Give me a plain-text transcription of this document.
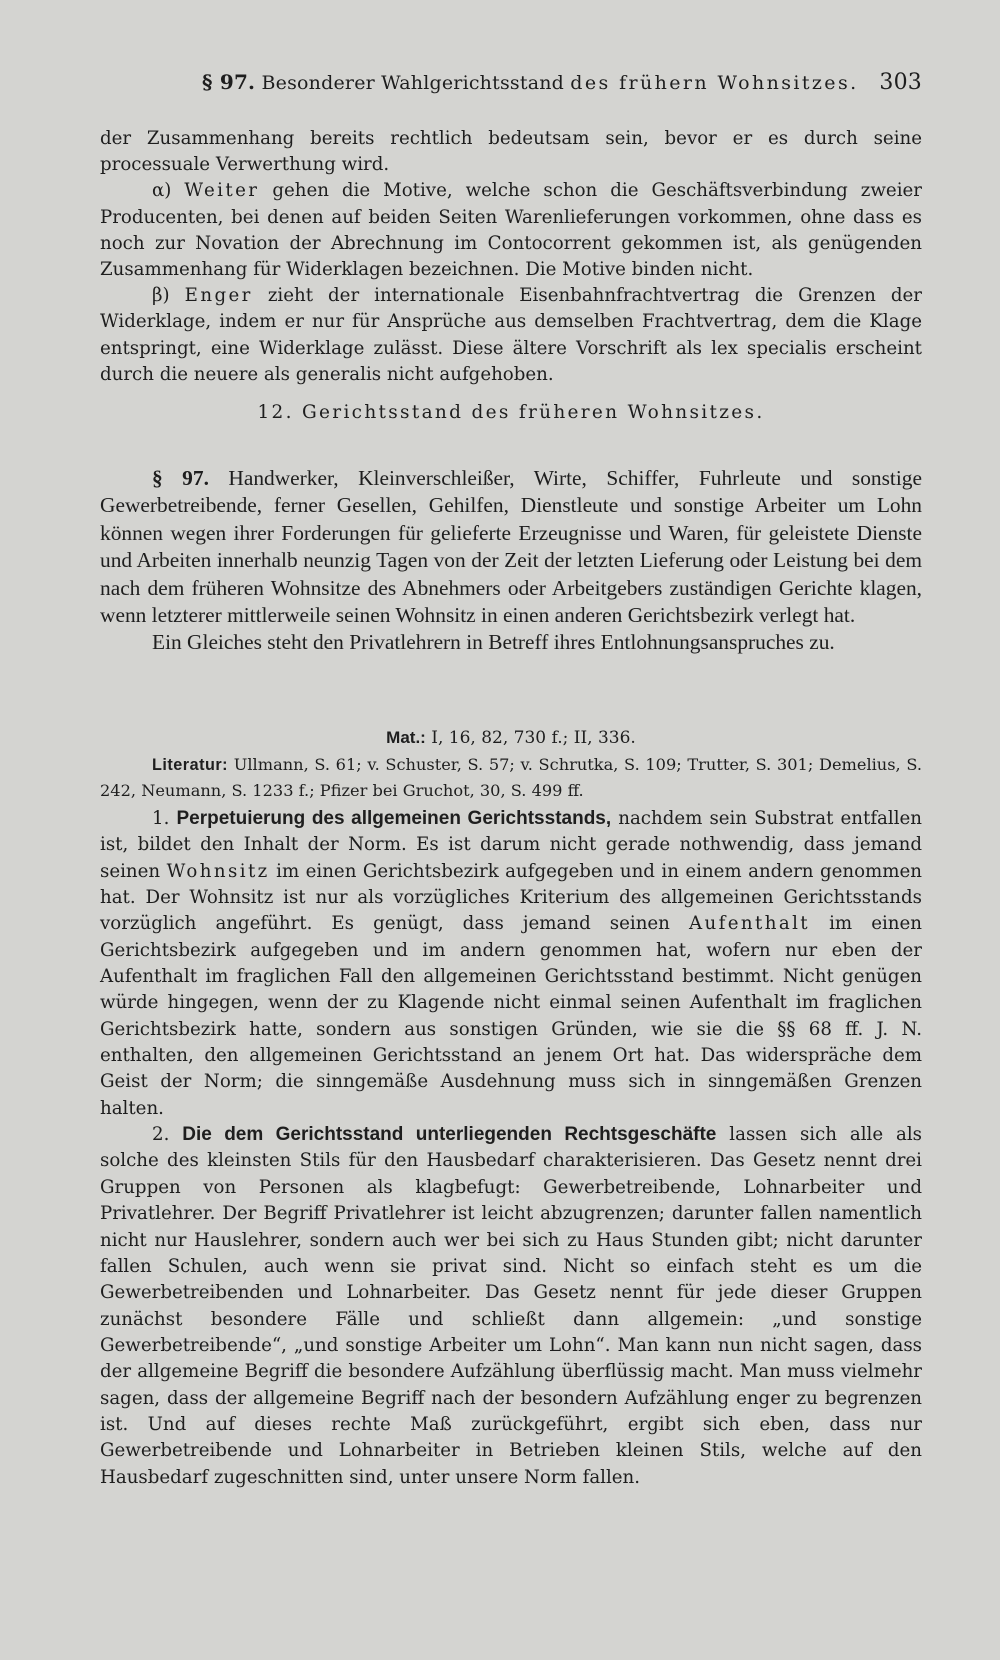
§ 97. Besonderer Wahlgerichtsstand des frühern Wohnsitzes. 303

der Zusammenhang bereits rechtlich bedeutsam sein, bevor er es durch seine processuale Verwerthung wird.

α) Weiter gehen die Motive, welche schon die Geschäftsverbindung zweier Producenten, bei denen auf beiden Seiten Warenlieferungen vorkommen, ohne dass es noch zur Novation der Abrechnung im Contocorrent gekommen ist, als genügenden Zusammenhang für Widerklagen bezeichnen. Die Motive binden nicht.

β) Enger zieht der internationale Eisenbahnfrachtvertrag die Grenzen der Widerklage, indem er nur für Ansprüche aus demselben Frachtvertrag, dem die Klage entspringt, eine Widerklage zulässt. Diese ältere Vorschrift als lex specialis erscheint durch die neuere als generalis nicht aufgehoben.

12. Gerichtsstand des früheren Wohnsitzes.

§ 97. Handwerker, Kleinverschleißer, Wirte, Schiffer, Fuhrleute und sonstige Gewerbetreibende, ferner Gesellen, Gehilfen, Dienstleute und sonstige Arbeiter um Lohn können wegen ihrer Forderungen für gelieferte Erzeugnisse und Waren, für geleistete Dienste und Arbeiten innerhalb neunzig Tagen von der Zeit der letzten Lieferung oder Leistung bei dem nach dem früheren Wohnsitze des Abnehmers oder Arbeitgebers zuständigen Gerichte klagen, wenn letzterer mittlerweile seinen Wohnsitz in einen anderen Gerichtsbezirk verlegt hat.

Ein Gleiches steht den Privatlehrern in Betreff ihres Entlohnungsanspruches zu.

Mat.: I, 16, 82, 730 f.; II, 336.

Literatur: Ullmann, S. 61; v. Schuster, S. 57; v. Schrutka, S. 109; Trutter, S. 301; Demelius, S. 242, Neumann, S. 1233 f.; Pfizer bei Gruchot, 30, S. 499 ff.

1. Perpetuierung des allgemeinen Gerichtsstands, nachdem sein Substrat entfallen ist, bildet den Inhalt der Norm. Es ist darum nicht gerade nothwendig, dass jemand seinen Wohnsitz im einen Gerichtsbezirk aufgegeben und in einem andern genommen hat. Der Wohnsitz ist nur als vorzügliches Kriterium des allgemeinen Gerichtsstands vorzüglich angeführt. Es genügt, dass jemand seinen Aufenthalt im einen Gerichtsbezirk aufgegeben und im andern genommen hat, wofern nur eben der Aufenthalt im fraglichen Fall den allgemeinen Gerichtsstand bestimmt. Nicht genügen würde hingegen, wenn der zu Klagende nicht einmal seinen Aufenthalt im fraglichen Gerichtsbezirk hatte, sondern aus sonstigen Gründen, wie sie die §§ 68 ff. J. N. enthalten, den allgemeinen Gerichtsstand an jenem Ort hat. Das widerspräche dem Geist der Norm; die sinngemäße Ausdehnung muss sich in sinngemäßen Grenzen halten.

2. Die dem Gerichtsstand unterliegenden Rechtsgeschäfte lassen sich alle als solche des kleinsten Stils für den Hausbedarf charakterisieren. Das Gesetz nennt drei Gruppen von Personen als klagbefugt: Gewerbetreibende, Lohnarbeiter und Privatlehrer. Der Begriff Privatlehrer ist leicht abzugrenzen; darunter fallen namentlich nicht nur Hauslehrer, sondern auch wer bei sich zu Haus Stunden gibt; nicht darunter fallen Schulen, auch wenn sie privat sind. Nicht so einfach steht es um die Gewerbetreibenden und Lohnarbeiter. Das Gesetz nennt für jede dieser Gruppen zunächst besondere Fälle und schließt dann allgemein: „und sonstige Gewerbetreibende“, „und sonstige Arbeiter um Lohn“. Man kann nun nicht sagen, dass der allgemeine Begriff die besondere Aufzählung überflüssig macht. Man muss vielmehr sagen, dass der allgemeine Begriff nach der besondern Aufzählung enger zu begrenzen ist. Und auf dieses rechte Maß zurückgeführt, ergibt sich eben, dass nur Gewerbetreibende und Lohnarbeiter in Betrieben kleinen Stils, welche auf den Hausbedarf zugeschnitten sind, unter unsere Norm fallen.
